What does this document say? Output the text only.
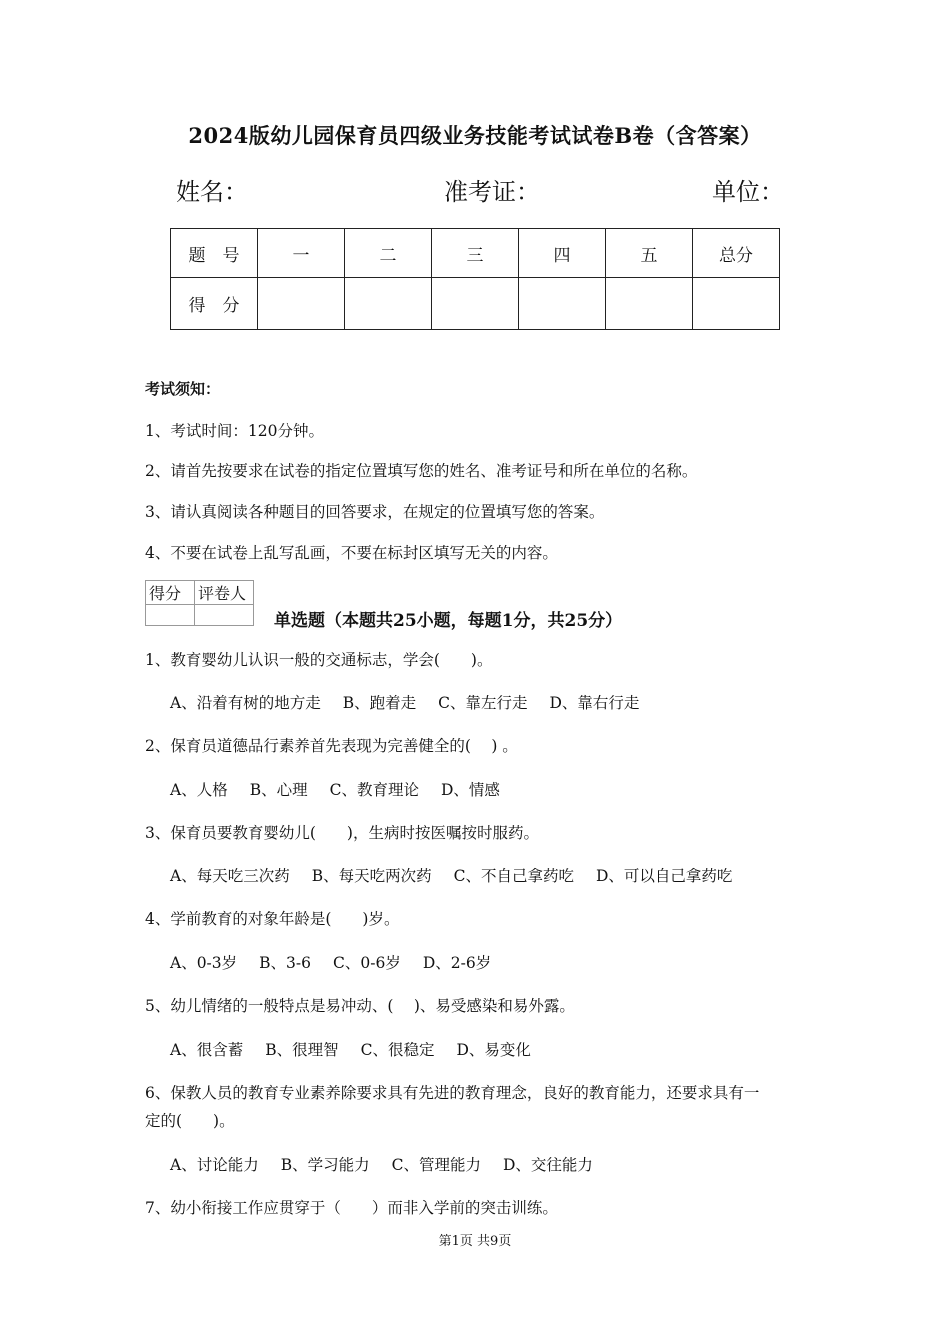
2024版幼儿园保育员四级业务技能考试试卷B卷（含答案）
姓名：	准考证：	单位：
题　号	一	二	三	四	五	总分
得　分						
考试须知：
1、考试时间：120分钟。
2、请首先按要求在试卷的指定位置填写您的姓名、准考证号和所在单位的名称。
3、请认真阅读各种题目的回答要求，在规定的位置填写您的答案。
4、不要在试卷上乱写乱画，不要在标封区填写无关的内容。
得分	评卷人

单选题（本题共25小题，每题1分，共25分）
1、教育婴幼儿认识一般的交通标志，学会(　　)。
A、沿着有树的地方走 B、跑着走 C、靠左行走 D、靠右行走
2、保育员道德品行素养首先表现为完善健全的(　 ) 。
A、人格 B、心理 C、教育理论 D、情感
3、保育员要教育婴幼儿(　　)，生病时按医嘱按时服药。
A、每天吃三次药 B、每天吃两次药 C、不自己拿药吃 D、可以自己拿药吃
4、学前教育的对象年龄是(　　)岁。
A、0-3岁 B、3-6 C、0-6岁 D、2-6岁
5、幼儿情绪的一般特点是易冲动、(　 )、易受感染和易外露。
A、很含蓄 B、很理智 C、很稳定 D、易变化
6、保教人员的教育专业素养除要求具有先进的教育理念，良好的教育能力，还要求具有一
定的(　　)。
A、讨论能力 B、学习能力 C、管理能力 D、交往能力
7、幼小衔接工作应贯穿于（　　）而非入学前的突击训练。
第1页 共9页
